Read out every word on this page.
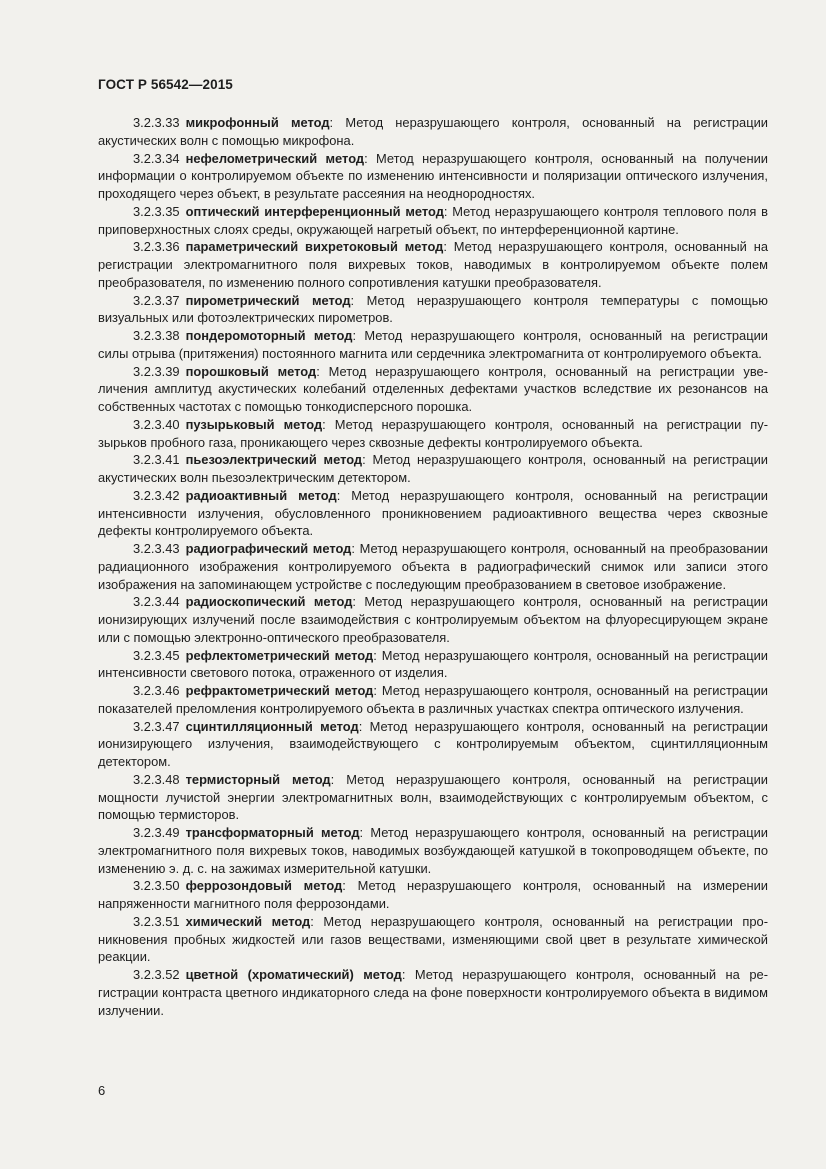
ГОСТ Р 56542—2015

3.2.3.33 микрофонный метод: Метод неразрушающего контроля, основанный на регистрации акустических волн с помощью микрофона.

3.2.3.34 нефелометрический метод: Метод неразрушающего контроля, основанный на получении информации о контролируемом объекте по изменению интенсивности и поляризации оптического излучения, проходящего через объект, в результате рассеяния на неоднородностях.

3.2.3.35 оптический интерференционный метод: Метод неразрушающего контроля теплового поля в приповерхностных слоях среды, окружающей нагретый объект, по интерференционной картине.

3.2.3.36 параметрический вихретоковый метод: Метод неразрушающего контроля, основанный на регистрации электромагнитного поля вихревых токов, наводимых в контролируемом объекте полем преобразователя, по изменению полного сопротивления катушки преобразователя.

3.2.3.37 пирометрический метод: Метод неразрушающего контроля температуры с помощью визуальных или фотоэлектрических пирометров.

3.2.3.38 пондеромоторный метод: Метод неразрушающего контроля, основанный на регистрации силы отрыва (притяжения) постоянного магнита или сердечника электромагнита от контролируемого объекта.

3.2.3.39 порошковый метод: Метод неразрушающего контроля, основанный на регистрации увеличения амплитуд акустических колебаний отделенных дефектами участков вследствие их резонансов на собственных частотах с помощью тонкодисперсного порошка.

3.2.3.40 пузырьковый метод: Метод неразрушающего контроля, основанный на регистрации пузырьков пробного газа, проникающего через сквозные дефекты контролируемого объекта.

3.2.3.41 пьезоэлектрический метод: Метод неразрушающего контроля, основанный на регистрации акустических волн пьезоэлектрическим детектором.

3.2.3.42 радиоактивный метод: Метод неразрушающего контроля, основанный на регистрации интенсивности излучения, обусловленного проникновением радиоактивного вещества через сквозные дефекты контролируемого объекта.

3.2.3.43 радиографический метод: Метод неразрушающего контроля, основанный на преобразовании радиационного изображения контролируемого объекта в радиографический снимок или записи этого изображения на запоминающем устройстве с последующим преобразованием в световое изображение.

3.2.3.44 радиоскопический метод: Метод неразрушающего контроля, основанный на регистрации ионизирующих излучений после взаимодействия с контролируемым объектом на флуоресцирующем экране или с помощью электронно-оптического преобразователя.

3.2.3.45 рефлектометрический метод: Метод неразрушающего контроля, основанный на регистрации интенсивности светового потока, отраженного от изделия.

3.2.3.46 рефрактометрический метод: Метод неразрушающего контроля, основанный на регистрации показателей преломления контролируемого объекта в различных участках спектра оптического излучения.

3.2.3.47 сцинтилляционный метод: Метод неразрушающего контроля, основанный на регистрации ионизирующего излучения, взаимодействующего с контролируемым объектом, сцинтилляционным детектором.

3.2.3.48 термисторный метод: Метод неразрушающего контроля, основанный на регистрации мощности лучистой энергии электромагнитных волн, взаимодействующих с контролируемым объектом, с помощью термисторов.

3.2.3.49 трансформаторный метод: Метод неразрушающего контроля, основанный на регистрации электромагнитного поля вихревых токов, наводимых возбуждающей катушкой в токопроводящем объекте, по изменению э. д. с. на зажимах измерительной катушки.

3.2.3.50 феррозондовый метод: Метод неразрушающего контроля, основанный на измерении напряженности магнитного поля феррозондами.

3.2.3.51 химический метод: Метод неразрушающего контроля, основанный на регистрации проникновения пробных жидкостей или газов веществами, изменяющими свой цвет в результате химической реакции.

3.2.3.52 цветной (хроматический) метод: Метод неразрушающего контроля, основанный на регистрации контраста цветного индикаторного следа на фоне поверхности контролируемого объекта в видимом излучении.

6
